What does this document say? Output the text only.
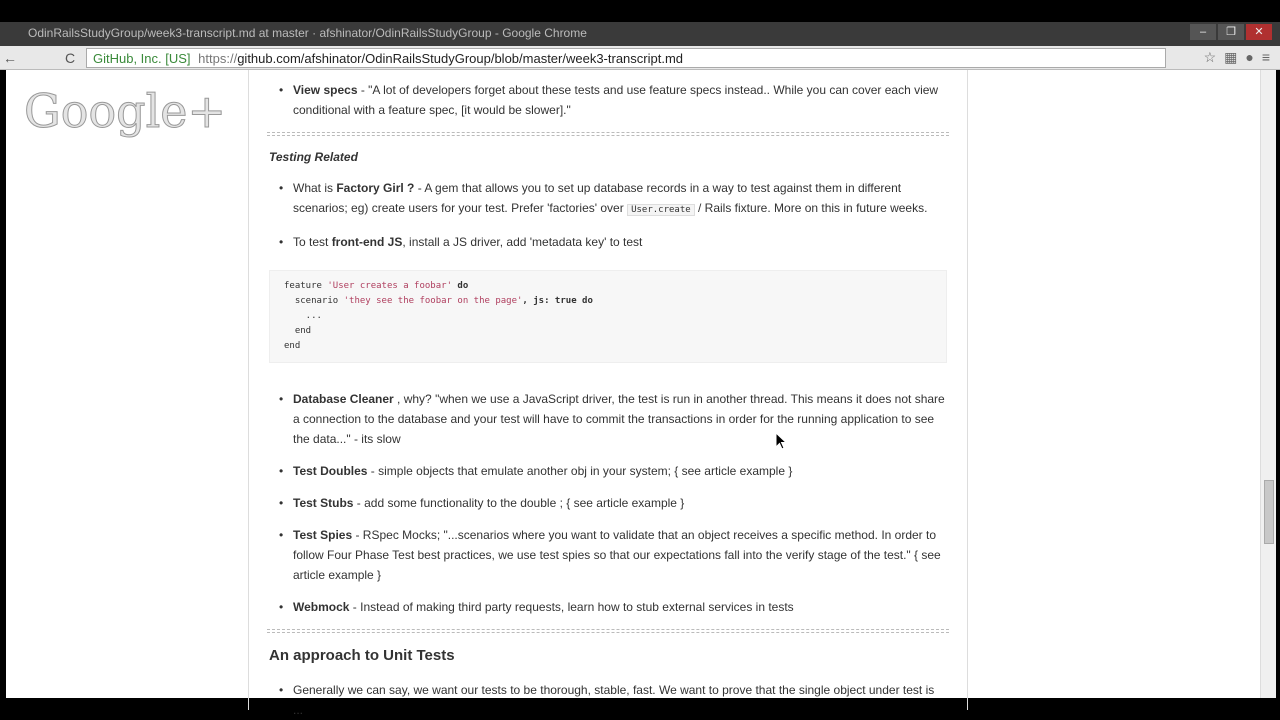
OdinRailsStudyGroup/week3-transcript.md at master · afshinator/OdinRailsStudyGroup - Google Chrome	–	❐	✕
←	C	GitHub, Inc. [US] https://github.com/afshinator/OdinRailsStudyGroup/blob/master/week3-transcript.md	☆ ▦ ● ≡
• View specs - "A lot of developers forget about these tests and use feature specs instead.. While you can cover each view conditional with a feature spec, [it would be slower]."
Testing Related
• What is Factory Girl ? - A gem that allows you to set up database records in a way to test against them in different scenarios; eg) create users for your test. Prefer 'factories' over User.create / Rails fixture. More on this in future weeks.
• To test front-end JS, install a JS driver, add 'metadata key' to test
feature 'User creates a foobar' do
scenario 'they see the foobar on the page', js: true do
...
end
end
• Database Cleaner , why? "when we use a JavaScript driver, the test is run in another thread. This means it does not share a connection to the database and your test will have to commit the transactions in order for the running application to see the data..." - its slow
• Test Doubles - simple objects that emulate another obj in your system; { see article example }
• Test Stubs - add some functionality to the double ; { see article example }
• Test Spies - RSpec Mocks; "...scenarios where you want to validate that an object receives a specific method. In order to follow Four Phase Test best practices, we use test spies so that our expectations fall into the verify stage of the test." { see article example }
• Webmock - Instead of making third party requests, learn how to stub external services in tests
An approach to Unit Tests
• Generally we can say, we want our tests to be thorough, stable, fast. We want to prove that the single object under test is ...
Google+
